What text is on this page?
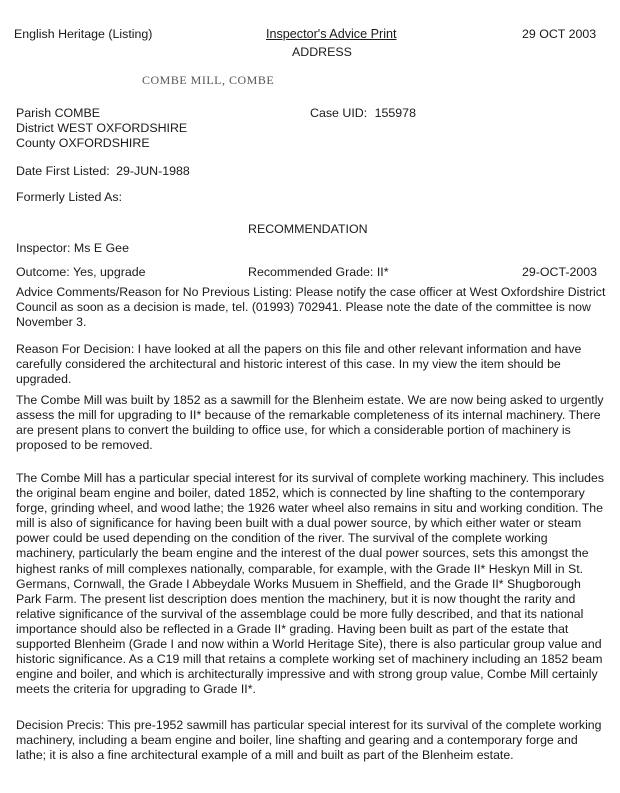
English Heritage (Listing)	Inspector's Advice Print	29 OCT 2003
ADDRESS
COMBE MILL, COMBE
Parish COMBE
District WEST OXFORDSHIRE
County OXFORDSHIRE
Case UID: 155978
Date First Listed: 29-JUN-1988
Formerly Listed As:
RECOMMENDATION
Inspector: Ms E Gee
Outcome: Yes, upgrade	Recommended Grade: II*	29-OCT-2003

Advice Comments/Reason for No Previous Listing: Please notify the case officer at West Oxfordshire District Council as soon as a decision is made, tel. (01993) 702941. Please note the date of the committee is now November 3.

Reason For Decision: I have looked at all the papers on this file and other relevant information and have carefully considered the architectural and historic interest of this case. In my view the item should be upgraded.

The Combe Mill was built by 1852 as a sawmill for the Blenheim estate. We are now being asked to urgently assess the mill for upgrading to II* because of the remarkable completeness of its internal machinery. There are present plans to convert the building to office use, for which a considerable portion of machinery is proposed to be removed.

The Combe Mill has a particular special interest for its survival of complete working machinery. This includes the original beam engine and boiler, dated 1852, which is connected by line shafting to the contemporary forge, grinding wheel, and wood lathe; the 1926 water wheel also remains in situ and working condition. The mill is also of significance for having been built with a dual power source, by which either water or steam power could be used depending on the condition of the river. The survival of the complete working machinery, particularly the beam engine and the interest of the dual power sources, sets this amongst the highest ranks of mill complexes nationally, comparable, for example, with the Grade II* Heskyn Mill in St. Germans, Cornwall, the Grade I Abbeydale Works Musuem in Sheffield, and the Grade II* Shugborough Park Farm. The present list description does mention the machinery, but it is now thought the rarity and relative significance of the survival of the assemblage could be more fully described, and that its national importance should also be reflected in a Grade II* grading. Having been built as part of the estate that supported Blenheim (Grade I and now within a World Heritage Site), there is also particular group value and historic significance. As a C19 mill that retains a complete working set of machinery including an 1852 beam engine and boiler, and which is architecturally impressive and with strong group value, Combe Mill certainly meets the criteria for upgrading to Grade II*.

Decision Precis: This pre-1952 sawmill has particular special interest for its survival of the complete working machinery, including a beam engine and boiler, line shafting and gearing and a contemporary forge and lathe; it is also a fine architectural example of a mill and built as part of the Blenheim estate.
